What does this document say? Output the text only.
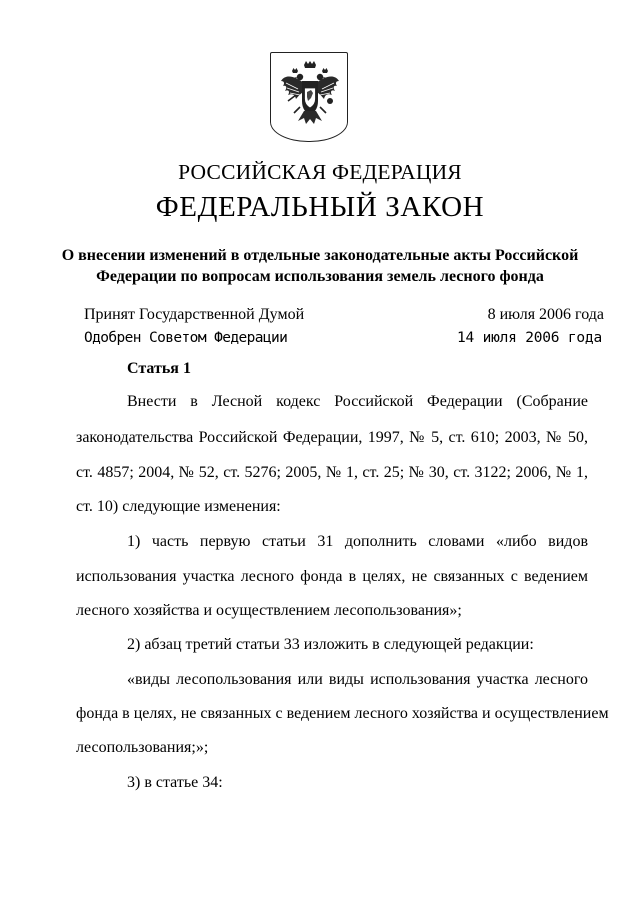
РОССИЙСКАЯ ФЕДЕРАЦИЯ
ФЕДЕРАЛЬНЫЙ ЗАКОН
О внесении изменений в отдельные законодательные акты Российской
Федерации по вопросам использования земель лесного фонда
Принят Государственной Думой	8 июля 2006 года
Одобрен Советом Федерации	14 июля 2006 года
Статья 1
Внести в Лесной кодекс Российской Федерации (Собрание
законодательства Российской Федерации, 1997, № 5, ст. 610; 2003, № 50,
ст. 4857; 2004, № 52, ст. 5276; 2005, № 1, ст. 25; № 30, ст. 3122; 2006, № 1,
ст. 10) следующие изменения:
1) часть первую статьи 31 дополнить словами «либо видов
использования участка лесного фонда в целях, не связанных с ведением
лесного хозяйства и осуществлением лесопользования»;
2) абзац третий статьи 33 изложить в следующей редакции:
«виды лесопользования или виды использования участка лесного
фонда в целях, не связанных с ведением лесного хозяйства и осуществлением
лесопользования;»;
3) в статье 34:
